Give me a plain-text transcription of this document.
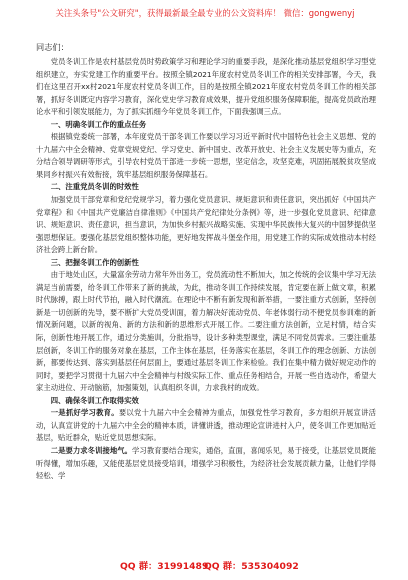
关注头条号"公文研究"，获得最新最全最专业的公文资料库！ 微信：gongwenyj
同志们：

党员冬训工作是农村基层党员时势政策学习和理论学习的重要手段，是深化推动基层党组织学习型党组织建立，夯实党建工作的重要平台。按照全镇2021年度农村党员冬训工作的相关安排部署，今天，我们在这里召开xx村2021年度农村党员冬训工作，目的是按照全镇2021年度农村党员冬训工作的相关部署，抓好冬训既定内容学习教育，深化党史学习教育成效果，提升党组织服务保障职能，提高党员政治理论水平和引领发展能力，为了抓实抓细今年党员冬训工作，下面我强调三点。

一、明确冬训工作的重点任务

根据镇党委统一部署，本年度党员干部冬训工作要以学习习近平新时代中国特色社会主义思想、党的十九届六中全会精神、党章党规党纪、学习党史、新中国史、改革开放史、社会主义发展史等为重点，充分结合领导调研等形式，引导农村党员干部进一步统一思想，坚定信念，攻坚克难，巩固拓展脱贫攻坚成果同乡村振兴有效衔接，筑牢基层组织服务保障基石。

二、注重党员冬训的时效性

加强党员干部党章和党纪党规学习，着力强化党员意识、规矩意识和责任意识，突出抓好《中国共产党章程》和《中国共产党廉洁自律准则》《中国共产党纪律处分条例》等，进一步强化党员意识、纪律意识、规矩意识、责任意识，担当意识，为加快乡村振兴战略实施、实现中华民族伟大复兴的中国梦提供坚强思想保证。要强化基层党组织整体功能，更好地发挥战斗堡垒作用，用党建工作的实际成效推动本村经济社会跨上新台阶。

三、把握冬训工作的创新性

由于地处山区，大量富余劳动力常年外出务工，党员流动性不断加大，加之传统的会议集中学习无法满足当前需要，给冬训工作带来了新的挑战，为此，推动冬训工作持续发展，肯定要在新上做文章，积累时代脉搏，跟上时代节拍，融入时代潮流。在理论中不断有新发现和新举措，一要注重方式创新，坚持创新是一切创新的先导，要不断扩大党员受训面，着力解决好流动党员、年老体弱行动不便党员参训难的新情况新问题，以新的视角、新的方法和新的思维形式开展工作。二要注重方法创新，立足村情，结合实际，创新性地开展工作，通过分类施训，分批指导，设计多种类型课堂，满足不同党员需求。三要注重基层创新，冬训工作的服务对象在基层，工作主体在基层，任务落实在基层，冬训工作的理念创新、方法创新，都要传达到、落实到基层任何层面上，要通过基层冬训工作来检验。我们在集中精力做好规定动作的同时，要把学习贯彻十九届六中全会精神与村级实际工作、重点任务相结合，开展一些自选动作，希望大家主动进位、开动脑筋，加强策划，认真组织冬训，力求我村的成效。

四、确保冬训工作取得实效

一是抓好学习教育。要以党十九届六中全会精神为重点，加强党性学习教育，多方组织开展宣讲活动，认真宣讲党的十九届六中全会的精神本质，讲懂讲透，推动理论宣讲进村入户，使冬训工作更加贴近基层，贴近群众，贴近党员思想实际。

二是要力求冬训接地气。学习教育要结合现实，通俗，直面，喜闻乐见，易于接受，让基层党员既能听得懂，增加乐趣，又能使基层党员接受培训，增强学习积极性，为经济社会发展贡献力量，让他们学得轻松、学

QQ 群：31991489
QQ 群：535304092
